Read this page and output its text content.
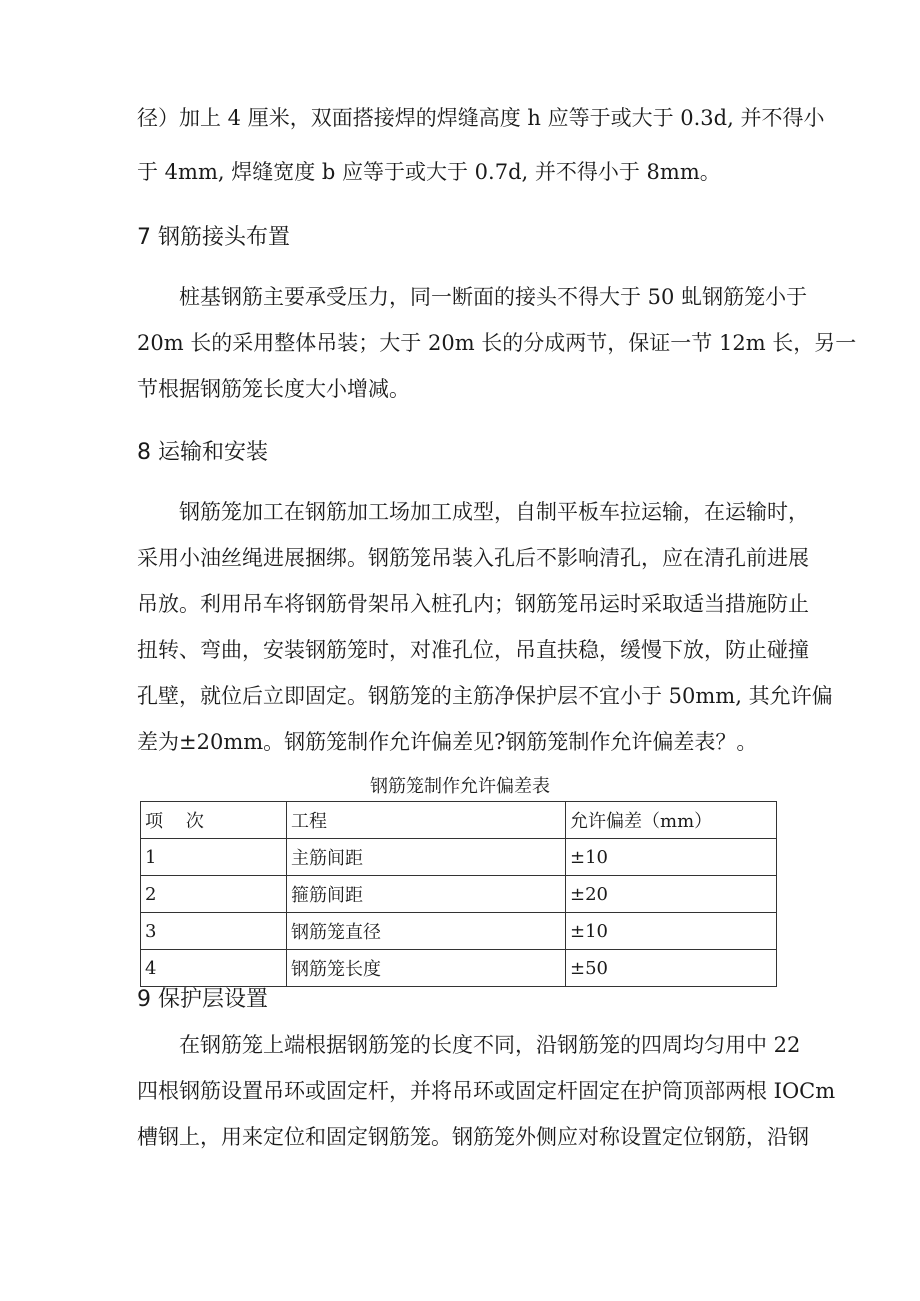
径）加上 4 厘米，双面搭接焊的焊缝高度 h 应等于或大于 0.3d, 并不得小
于 4mm, 焊缝宽度 b 应等于或大于 0.7d, 并不得小于 8mm。
7 钢筋接头布置
桩基钢筋主要承受压力，同一断面的接头不得大于 50 虬钢筋笼小于
20m 长的采用整体吊装；大于 20m 长的分成两节，保证一节 12m 长，另一
节根据钢筋笼长度大小增减。
8 运输和安装
钢筋笼加工在钢筋加工场加工成型，自制平板车拉运输，在运输时，
采用小油丝绳进展捆绑。钢筋笼吊装入孔后不影响清孔，应在清孔前进展
吊放。利用吊车将钢筋骨架吊入桩孔内；钢筋笼吊运时采取适当措施防止
扭转、弯曲，安装钢筋笼时，对准孔位，吊直扶稳，缓慢下放，防止碰撞
孔壁，就位后立即固定。钢筋笼的主筋净保护层不宜小于 50mm, 其允许偏
差为±20mm。钢筋笼制作允许偏差见?钢筋笼制作允许偏差表？。
钢筋笼制作允许偏差表
项    次	工程	允许偏差（mm）
1	主筋间距	±10
2	箍筋间距	±20
3	钢筋笼直径	±10
4	钢筋笼长度	±50
9 保护层设置
在钢筋笼上端根据钢筋笼的长度不同，沿钢筋笼的四周均匀用中 22
四根钢筋设置吊环或固定杆，并将吊环或固定杆固定在护筒顶部两根 IOCm
槽钢上，用来定位和固定钢筋笼。钢筋笼外侧应对称设置定位钢筋，沿钢
